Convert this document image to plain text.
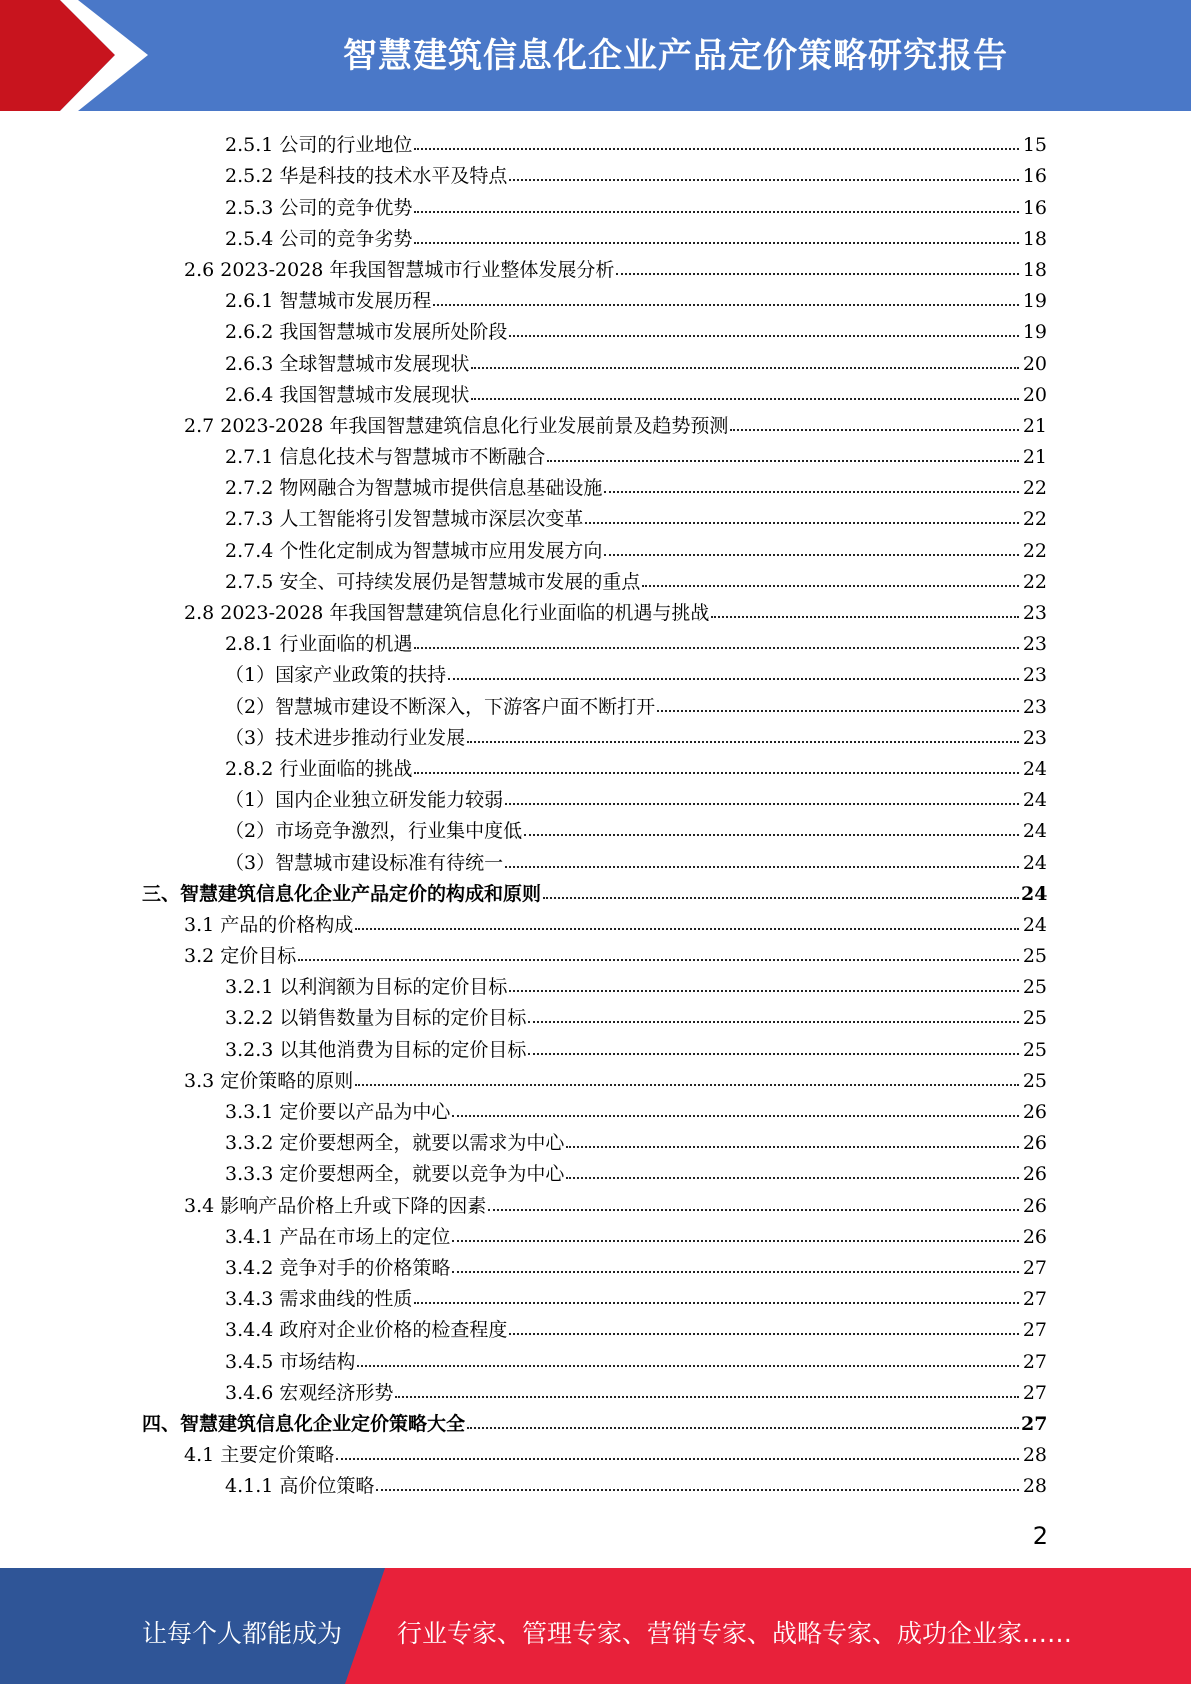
智慧建筑信息化企业产品定价策略研究报告
2.5.1 公司的行业地位	15
2.5.2 华是科技的技术水平及特点	16
2.5.3 公司的竞争优势	16
2.5.4 公司的竞争劣势	18
2.6 2023-2028 年我国智慧城市行业整体发展分析	18
2.6.1 智慧城市发展历程	19
2.6.2 我国智慧城市发展所处阶段	19
2.6.3 全球智慧城市发展现状	20
2.6.4 我国智慧城市发展现状	20
2.7 2023-2028 年我国智慧建筑信息化行业发展前景及趋势预测	21
2.7.1 信息化技术与智慧城市不断融合	21
2.7.2 物网融合为智慧城市提供信息基础设施	22
2.7.3 人工智能将引发智慧城市深层次变革	22
2.7.4 个性化定制成为智慧城市应用发展方向	22
2.7.5 安全、可持续发展仍是智慧城市发展的重点	22
2.8 2023-2028 年我国智慧建筑信息化行业面临的机遇与挑战	23
2.8.1 行业面临的机遇	23
（1）国家产业政策的扶持	23
（2）智慧城市建设不断深入，下游客户面不断打开	23
（3）技术进步推动行业发展	23
2.8.2 行业面临的挑战	24
（1）国内企业独立研发能力较弱	24
（2）市场竞争激烈，行业集中度低	24
（3）智慧城市建设标准有待统一	24
三、智慧建筑信息化企业产品定价的构成和原则	24
3.1 产品的价格构成	24
3.2 定价目标	25
3.2.1 以利润额为目标的定价目标	25
3.2.2 以销售数量为目标的定价目标	25
3.2.3 以其他消费为目标的定价目标	25
3.3 定价策略的原则	25
3.3.1 定价要以产品为中心	26
3.3.2 定价要想两全，就要以需求为中心	26
3.3.3 定价要想两全，就要以竞争为中心	26
3.4 影响产品价格上升或下降的因素	26
3.4.1 产品在市场上的定位	26
3.4.2 竞争对手的价格策略	27
3.4.3 需求曲线的性质	27
3.4.4 政府对企业价格的检查程度	27
3.4.5 市场结构	27
3.4.6 宏观经济形势	27
四、智慧建筑信息化企业定价策略大全	27
4.1 主要定价策略	28
4.1.1 高价位策略	28
2
让每个人都能成为 行业专家、管理专家、营销专家、战略专家、成功企业家……
